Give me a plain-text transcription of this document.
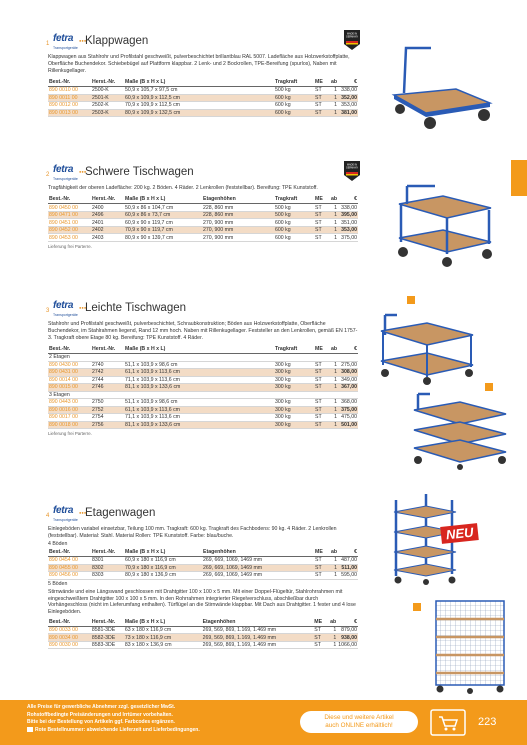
1 fetra
Transportgeräte
●●●
Klappwagen
Klappwagen aus Stahlrohr und Profilstahl geschweißt, pulverbeschichtet brillantblau RAL 5007. Ladefläche aus Holzwerkstoffplatte, Oberfläche Buchendekor. Schiebebügel auf Plattform klappbar. 2 Lenk- und 2 Bockrollen, TPE-Bereifung (spurlos), Naben mit Rillenkugellager.
Best.-Nr.	Herst.-Nr.	Maße (B x H x L)	Tragkraft	ME	ab	€
890 0010 00	2500-K	50,9 x 105,7 x 97,5 cm	500 kg	ST	1	338,00
890 0011 00	2501-K	60,9 x 109,9 x 112,5 cm	600 kg	ST	1	352,00
890 0012 00	2502-K	70,9 x 109,9 x 112,5 cm	600 kg	ST	1	353,00
890 0013 00	2503-K	80,9 x 109,9 x 132,5 cm	600 kg	ST	1	381,00
2 fetra
Transportgeräte
●●●
Schwere Tischwagen
Tragfähigkeit der oberen Ladefläche: 200 kg. 2 Böden. 4 Räder. 2 Lenkrollen (feststellbar). Bereifung: TPE Kunststoff.
Best.-Nr.	Herst.-Nr.	Maße (B x H x L)	Etagenhöhen	Tragkraft	ME	ab	€
890 0450 00	2400	50,9 x 86 x 104,7 cm	228, 860 mm	500 kg	ST	1	338,00
890 0471 00	2496	60,9 x 86 x 73,7 cm	228, 860 mm	500 kg	ST	1	395,00
890 0451 00	2401	60,9 x 90 x 119,7 cm	270, 900 mm	600 kg	ST	1	351,00
890 0452 00	2402	70,9 x 90 x 119,7 cm	270, 900 mm	600 kg	ST	1	353,00
890 0453 00	2403	80,9 x 90 x 139,7 cm	270, 900 mm	600 kg	ST	1	375,00
Lieferung frei Parterre.
3 fetra
Transportgeräte
●●●
Leichte Tischwagen
Stahlrohr und Profilstahl geschweißt, pulverbeschichtet, Schraubkonstruktion; Böden aus Holzwerkstoffplatte, Oberfläche Buchendekor, im Stahlrahmen liegend, Rand 12 mm hoch. Naben mit Rillenkugellager. Feststeller an den Lenkrollen, gemäß EN 1757-3. Tragkraft obere Etage 80 kg. Bereifung: TPE Kunststoff. 4 Räder.
Best.-Nr.	Herst.-Nr.	Maße (B x H x L)	Tragkraft	ME	ab	€
2 Etagen						
890 0430 00	2740	51,1 x 103,9 x 98,6 cm	300 kg	ST	1	275,00
890 0431 00	2742	61,1 x 103,9 x 113,6 cm	300 kg	ST	1	308,00
890 0014 00	2744	71,1 x 103,9 x 113,6 cm	300 kg	ST	1	349,00
890 0015 00	2746	81,1 x 103,9 x 133,6 cm	300 kg	ST	1	367,00
3 Etagen						
890 0443 00	2750	51,1 x 103,9 x 98,6 cm	300 kg	ST	1	368,00
890 0016 00	2752	61,1 x 103,9 x 113,6 cm	300 kg	ST	1	375,00
890 0017 00	2754	71,1 x 103,9 x 113,6 cm	300 kg	ST	1	475,00
890 0018 00	2756	81,1 x 103,9 x 133,6 cm	300 kg	ST	1	501,00
Lieferung frei Parterre.
4 fetra
Transportgeräte
●●●
Etagenwagen
Einlegeböden variabel einsetzbar, Teilung 100 mm. Tragkraft: 600 kg. Tragkraft des Fachbodens: 90 kg. 4 Räder. 2 Lenkrollen (feststellbar). Material: Stahl. Material Rollen: TPE Kunststoff. Farbe: blau/buche.
4 Böden
Best.-Nr.	Herst.-Nr.	Maße (B x H x L)	Etagenhöhen	ME	ab	€
890 0454 00	8301	60,9 x 180 x 116,9 cm	269, 669, 1069, 1469 mm	ST	1	487,00
890 0455 00	8302	70,9 x 180 x 116,9 cm	269, 669, 1069, 1469 mm	ST	1	511,00
890 0456 00	8303	80,9 x 180 x 136,9 cm	269, 669, 1069, 1469 mm	ST	1	595,00
5 Böden
Stirnwände und eine Längswand geschlossen mit Drahtgitter 100 x 100 x 5 mm. Mit einer Doppel-Flügeltür, Stahlrohrrahmen mit eingeschweißtem Drahtgitter 100 x 100 x 5 mm. In den Rohrrahmen integrierter Riegelverschluss, abschließbar durch Vorhängeschloss (nicht im Lieferumfang enthalten). Türflügel an die Stirnwände klappbar. Mit Dach aus Drahtgitter. 1 fester und 4 lose Einlegeböden.
Best.-Nr.	Herst.-Nr.	Maße (B x H x L)	Etagenhöhen	ME	ab	€
890 0033 00	8581-3DE	63 x 180 x 116,9 cm	269, 569, 869, 1.169, 1.469 mm	ST	1	879,00
890 0034 00	8582-3DE	73 x 180 x 116,9 cm	269, 569, 869, 1.169, 1.469 mm	ST	1	938,00
890 0030 00	8583-3DE	83 x 180 x 136,9 cm	269, 569, 869, 1.169, 1.469 mm	ST	1	1066,00
MADE IN
GERMANY
MADE IN
GERMANY
NEU
Alle Preise für gewerbliche Abnehmer zzgl. gesetzlicher MwSt.
Rohstoffbedingte Preisänderungen und Irrtümer vorbehalten.
Bitte bei der Bestellung von Artikeln ggf. Farbcodes ergänzen.
Rote Bestellnummer: abweichende Lieferzeit und Lieferbedingungen.
Diese und weitere Artikel
auch ONLINE erhältlich!	223
